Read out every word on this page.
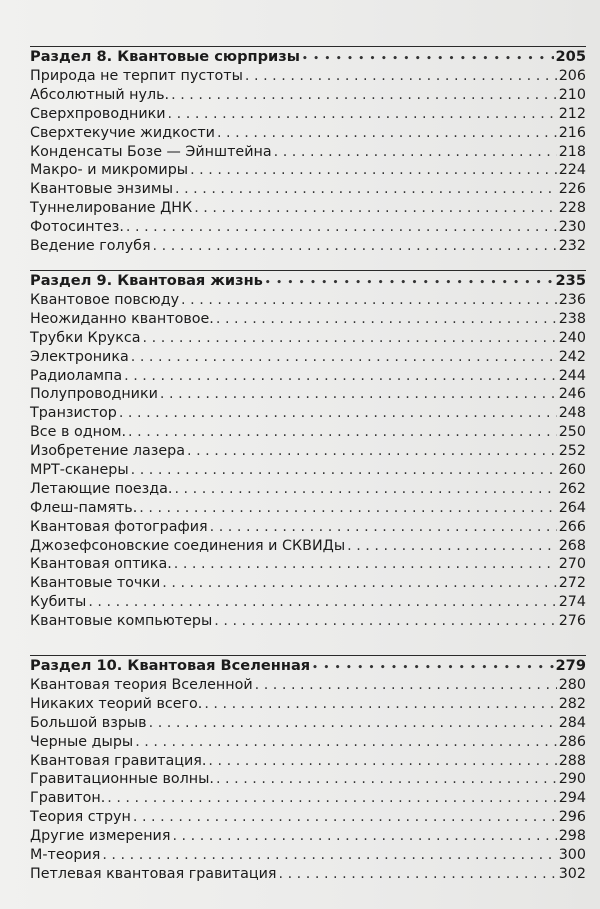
Раздел 8. Квантовые сюрпризы • • •	205
Природа не терпит пустоты . . .	206
Абсолютный нуль. . . .	210
Сверхпроводники . . .	212
Сверхтекучие жидкости . . .	216
Конденсаты Бозе — Эйнштейна . . .	218
Макро- и микромиры . . .	224
Квантовые энзимы . . .	226
Туннелирование ДНК . . .	228
Фотосинтез. . . .	230
Ведение голубя . . .	232
Раздел 9. Квантовая жизнь • • •	235
Квантовое повсюду . . .	236
Неожиданно квантовое. . . .	238
Трубки Крукса . . .	240
Электроника . . .	242
Радиолампа . . .	244
Полупроводники . . .	246
Транзистор . . .	248
Все в одном. . . .	250
Изобретение лазера . . .	252
МРТ-сканеры . . .	260
Летающие поезда. . . .	262
Флеш-память. . . .	264
Квантовая фотография . . .	266
Джозефсоновские соединения и СКВИДы . . .	268
Квантовая оптика. . . .	270
Квантовые точки . . .	272
Кубиты . . .	274
Квантовые компьютеры . . .	276
Раздел 10. Квантовая Вселенная • • •	279
Квантовая теория Вселенной . . .	280
Никаких теорий всего. . . .	282
Большой взрыв . . .	284
Черные дыры . . .	286
Квантовая гравитация. . . .	288
Гравитационные волны. . . .	290
Гравитон. . . .	294
Теория струн . . .	296
Другие измерения . . .	298
М-теория . . .	300
Петлевая квантовая гравитация . . .	302
